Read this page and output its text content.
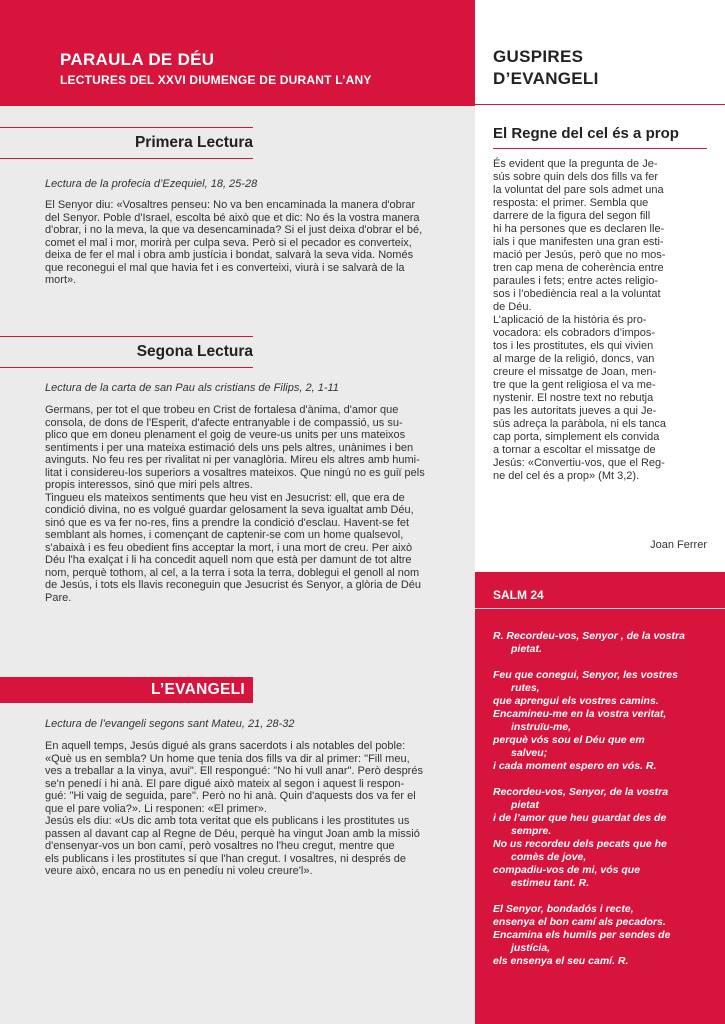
PARAULA DE DÉU
LECTURES DEL XXVI DIUMENGE DE DURANT L’ANY
Primera Lectura
Lectura de la profecia d’Ezequiel, 18, 25-28
El Senyor diu: «Vosaltres penseu: No va ben encaminada la manera d'obrar
del Senyor. Poble d'Israel, escolta bé això que et dic: No és la vostra manera
d'obrar, i no la meva, la que va desencaminada? Si el just deixa d'obrar el bé,
comet el mal i mor, morirà per culpa seva. Però si el pecador es converteix,
deixa de fer el mal i obra amb justícia i bondat, salvarà la seva vida. Només
que reconegui el mal que havia fet i es converteixi, viurà i se salvarà de la
mort».
Segona Lectura
Lectura de la carta de san Pau als cristians de Filips, 2, 1-11
Germans, per tot el que trobeu en Crist de fortalesa d'ànima, d'amor que
consola, de dons de l'Esperit, d'afecte entranyable i de compassió, us su-
plico que em doneu plenament el goig de veure-us units per uns mateixos
sentiments i per una mateixa estimació dels uns pels altres, unànimes i ben
avinguts. No feu res per rivalitat ni per vanaglòria. Mireu els altres amb humi-
litat i considereu-los superiors a vosaltres mateixos. Que ningú no es guiï pels
propis interessos, sinó que miri pels altres.
Tingueu els mateixos sentiments que heu vist en Jesucrist: ell, que era de
condició divina, no es volgué guardar gelosament la seva igualtat amb Déu,
sinó que es va fer no-res, fins a prendre la condició d'esclau. Havent-se fet
semblant als homes, i començant de captenir-se com un home qualsevol,
s'abaixà i es feu obedient fins acceptar la mort, i una mort de creu. Per això
Déu l'ha exalçat i li ha concedit aquell nom que està per damunt de tot altre
nom, perquè tothom, al cel, a la terra i sota la terra, doblegui el genoll al nom
de Jesús, i tots els llavis reconeguin que Jesucrist és Senyor, a glòria de Déu
Pare.
L’EVANGELI
Lectura de l’evangeli segons sant Mateu, 21, 28-32
En aquell temps, Jesús digué als grans sacerdots i als notables del poble:
«Què us en sembla? Un home que tenia dos fills va dir al primer: "Fill meu,
ves a treballar a la vinya, avui". Ell respongué: "No hi vull anar". Però després
se'n penedí i hi anà. El pare digué això mateix al segon i aquest li respon-
gué: "Hi vaig de seguida, pare". Però no hi anà. Quin d'aquests dos va fer el
que el pare volia?». Li responen: «El primer».
Jesús els diu: «Us dic amb tota veritat que els publicans i les prostitutes us
passen al davant cap al Regne de Déu, perquè ha vingut Joan amb la missió
d'ensenyar-vos un bon camí, però vosaltres no l'heu cregut, mentre que
els publicans i les prostitutes sí que l'han cregut. I vosaltres, ni després de
veure això, encara no us en penedíu ni voleu creure'l».
GUSPIRES
D’EVANGELI
El Regne del cel és a prop
És evident que la pregunta de Je-
sús sobre quin dels dos fills va fer
la voluntat del pare sols admet una
resposta: el primer. Sembla que
darrere de la figura del segon fill
hi ha persones que es declaren lle-
ials i que manifesten una gran esti-
mació per Jesús, però que no mos-
tren cap mena de coherència entre
paraules i fets; entre actes religio-
sos i l’obediència real a la voluntat
de Déu.
L’aplicació de la història és pro-
vocadora: els cobradors d’impos-
tos i les prostitutes, els qui vivien
al marge de la religió, doncs, van
creure el missatge de Joan, men-
tre que la gent religiosa el va me-
nystenir. El nostre text no rebutja
pas les autoritats jueves a qui Je-
sús adreça la paràbola, ni els tanca
cap porta, simplement els convida
a tornar a escoltar el missatge de
Jesús: «Convertiu-vos, que el Reg-
ne del cel és a prop» (Mt 3,2).
Joan Ferrer
SALM 24
R. Recordeu-vos, Senyor , de la vostra
pietat.
Feu que conegui, Senyor, les vostres
rutes,
que aprengui els vostres camins.
Encamineu-me en la vostra veritat,
instruïu-me,
perquè vós sou el Déu que em
salveu;
i cada moment espero en vós. R.
Recordeu-vos, Senyor, de la vostra
pietat
i de l’amor que heu guardat des de
sempre.
No us recordeu dels pecats que he
comès de jove,
compadiu-vos de mi, vós que
estimeu tant. R.
El Senyor, bondadós i recte,
ensenya el bon camí als pecadors.
Encamina els humils per sendes de
justícia,
els ensenya el seu camí. R.
